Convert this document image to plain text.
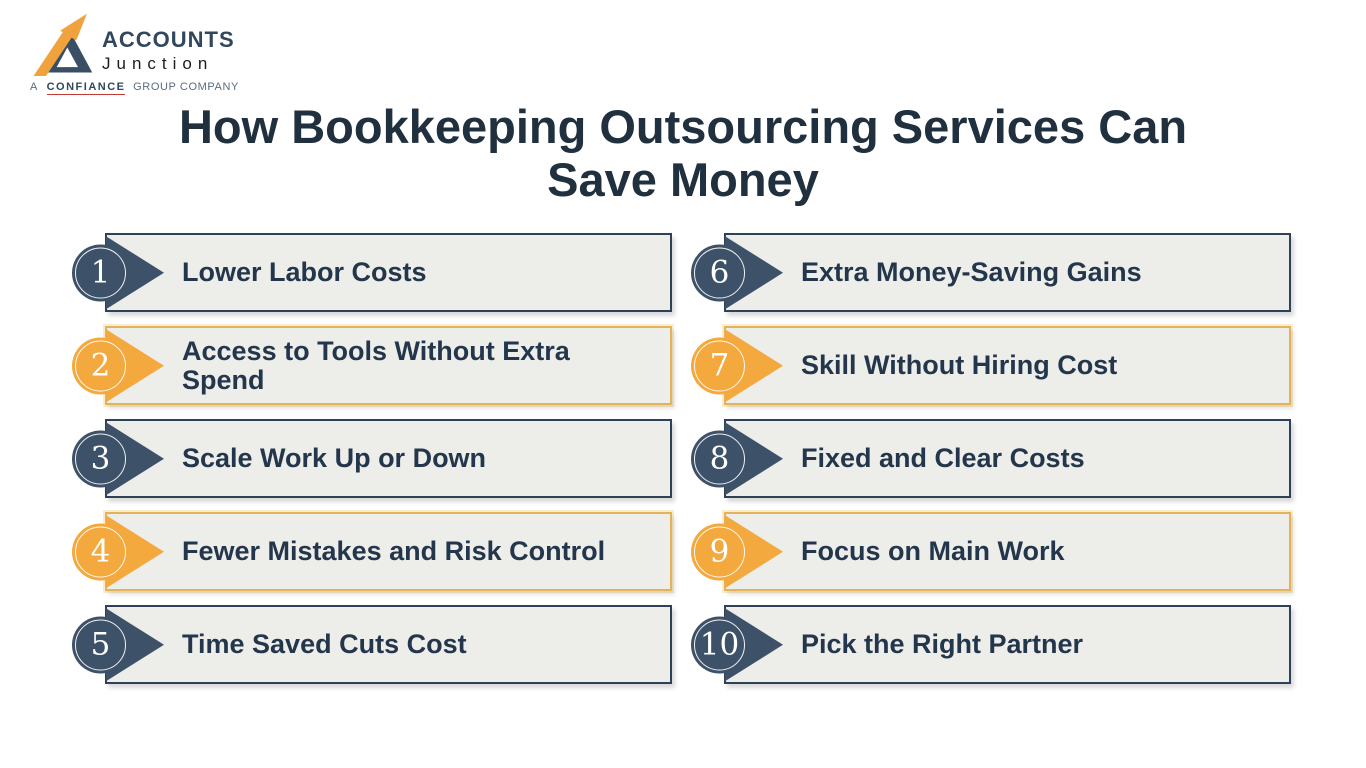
ACCOUNTS
Junction
A CONFIANCE GROUP COMPANY
How Bookkeeping Outsourcing Services Can
Save Money
Lower Labor Costs
1
Access to Tools Without Extra Spend
2
Scale Work Up or Down
3
Fewer Mistakes and Risk Control
4
Time Saved Cuts Cost
5
Extra Money-Saving Gains
6
Skill Without Hiring Cost
7
Fixed and Clear Costs
8
Focus on Main Work
9
Pick the Right Partner
10
